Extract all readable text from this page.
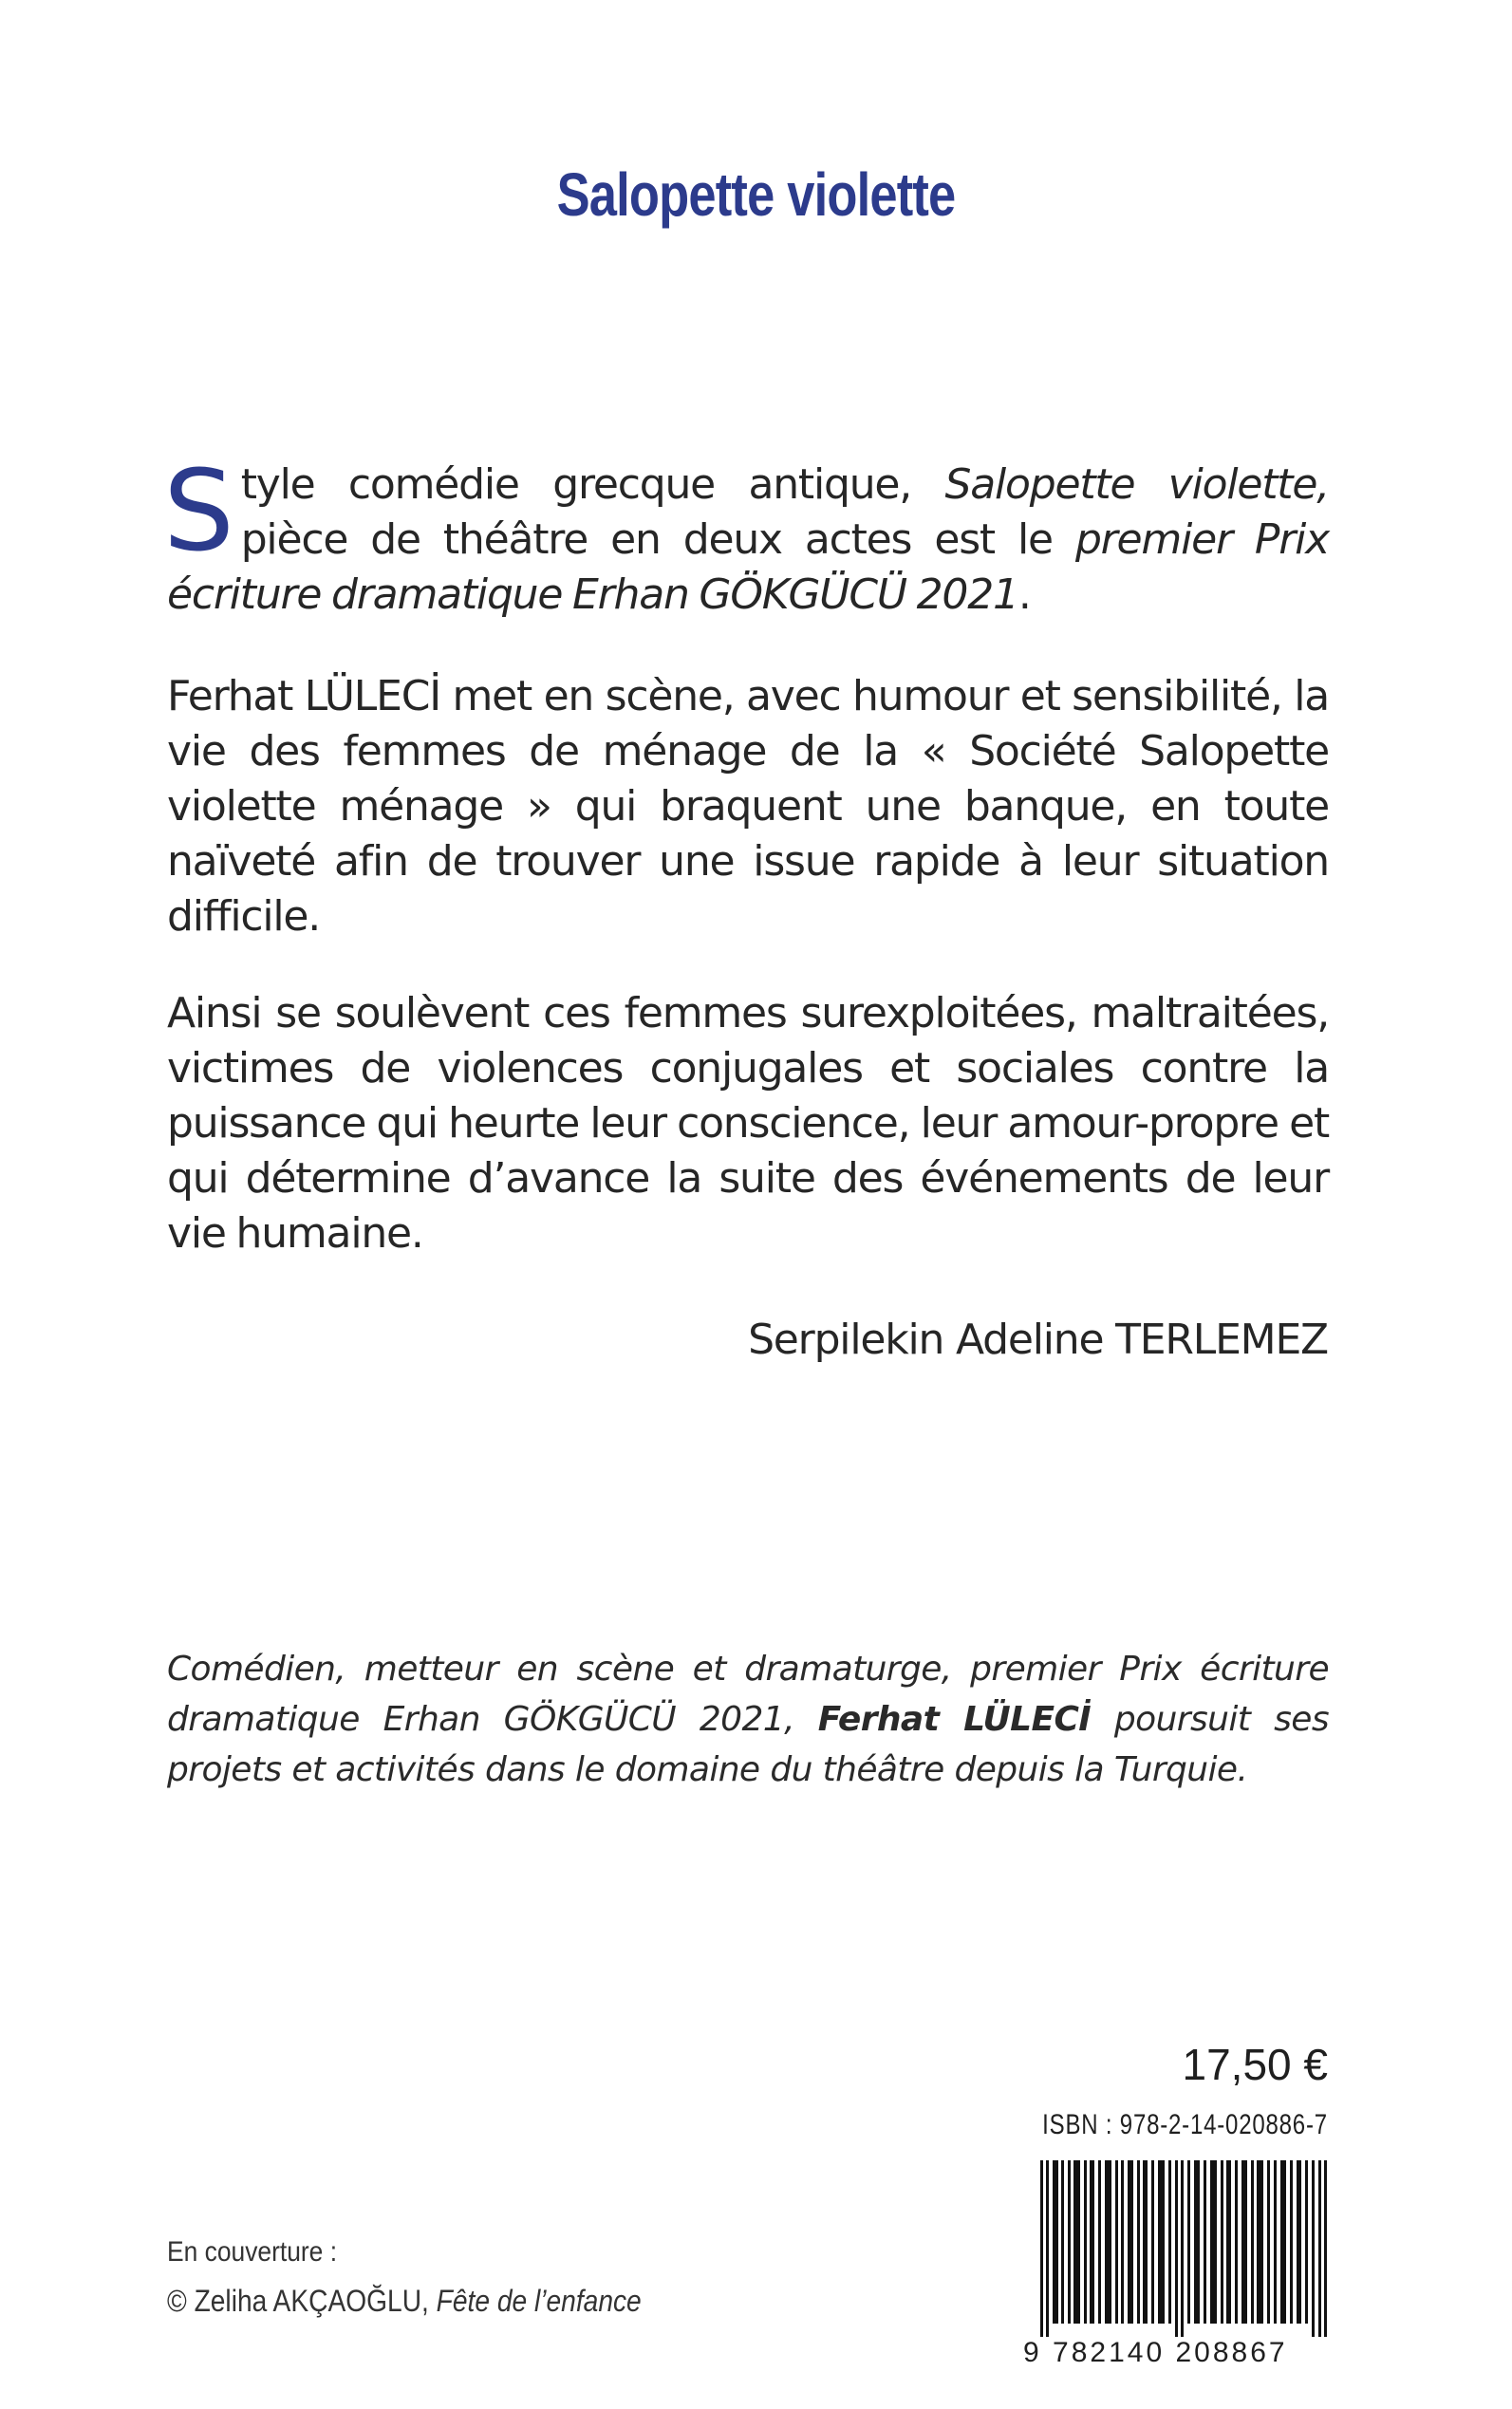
Salopette violette

Style comédie grecque antique, Salopette violette, pièce de théâtre en deux actes est le premier Prix écriture dramatique Erhan GÖKGÜCÜ 2021.

Ferhat LÜLECİ met en scène, avec humour et sensibilité, la vie des femmes de ménage de la « Société Salopette violette ménage » qui braquent une banque, en toute naïveté afin de trouver une issue rapide à leur situation difficile.

Ainsi se soulèvent ces femmes surexploitées, maltraitées, victimes de violences conjugales et sociales contre la puissance qui heurte leur conscience, leur amour-propre et qui détermine d’avance la suite des événements de leur vie humaine.

Serpilekin Adeline TERLEMEZ
Comédien, metteur en scène et dramaturge, premier Prix écriture dramatique Erhan GÖKGÜCÜ 2021, Ferhat LÜLECİ poursuit ses projets et activités dans le domaine du théâtre depuis la Turquie.
17,50 €
ISBN : 978-2-14-020886-7
9 782140 208867
En couverture :
© Zeliha AKÇAOĞLU, Fête de l’enfance
